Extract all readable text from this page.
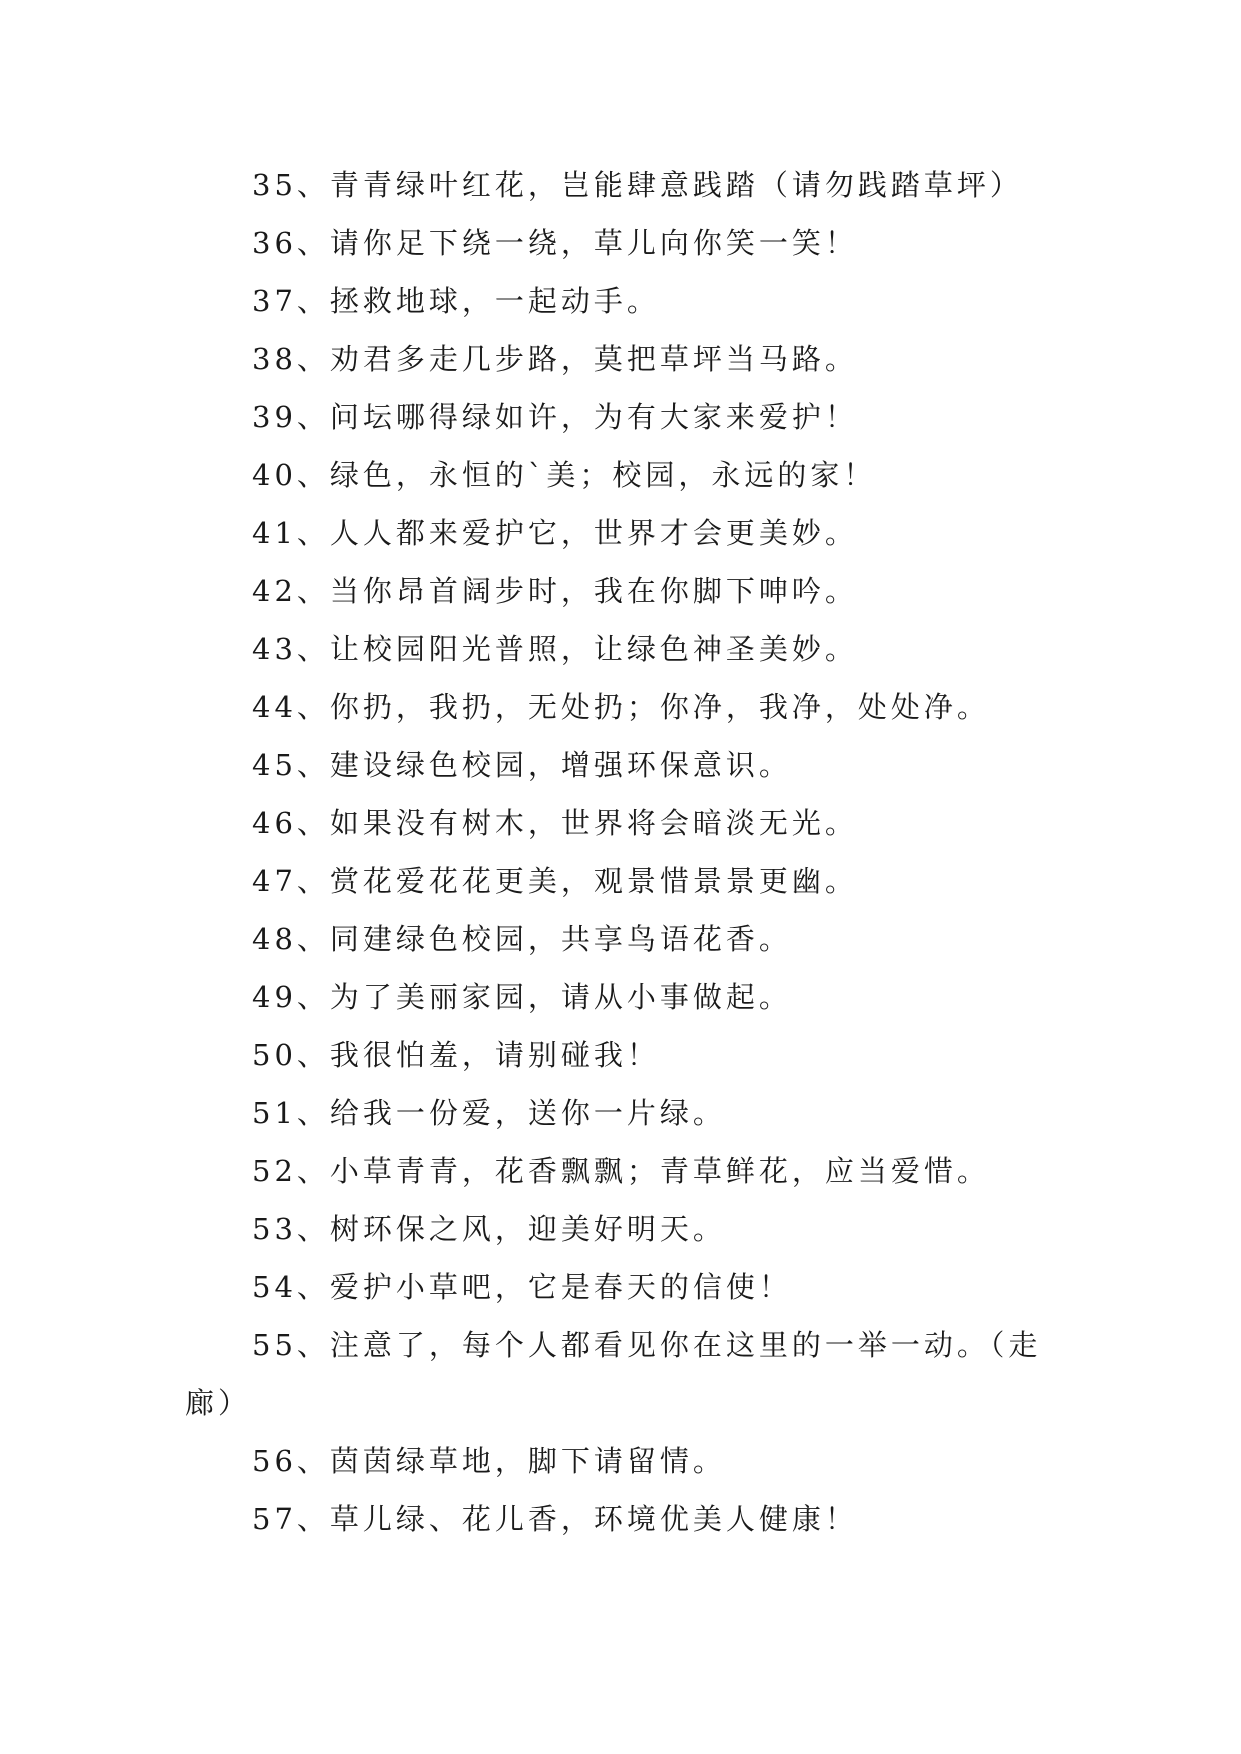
35、青青绿叶红花，岂能肆意践踏（请勿践踏草坪）
36、请你足下绕一绕，草儿向你笑一笑！
37、拯救地球，一起动手。
38、劝君多走几步路，莫把草坪当马路。
39、问坛哪得绿如许，为有大家来爱护！
40、绿色，永恒的`美；校园，永远的家！
41、人人都来爱护它，世界才会更美妙。
42、当你昂首阔步时，我在你脚下呻吟。
43、让校园阳光普照，让绿色神圣美妙。
44、你扔，我扔，无处扔；你净，我净，处处净。
45、建设绿色校园，增强环保意识。
46、如果没有树木，世界将会暗淡无光。
47、赏花爱花花更美，观景惜景景更幽。
48、同建绿色校园，共享鸟语花香。
49、为了美丽家园，请从小事做起。
50、我很怕羞，请别碰我！
51、给我一份爱，送你一片绿。
52、小草青青，花香飘飘；青草鲜花，应当爱惜。
53、树环保之风，迎美好明天。
54、爱护小草吧，它是春天的信使！
55、注意了，每个人都看见你在这里的一举一动。（走
廊）
56、茵茵绿草地，脚下请留情。
57、草儿绿、花儿香，环境优美人健康！
